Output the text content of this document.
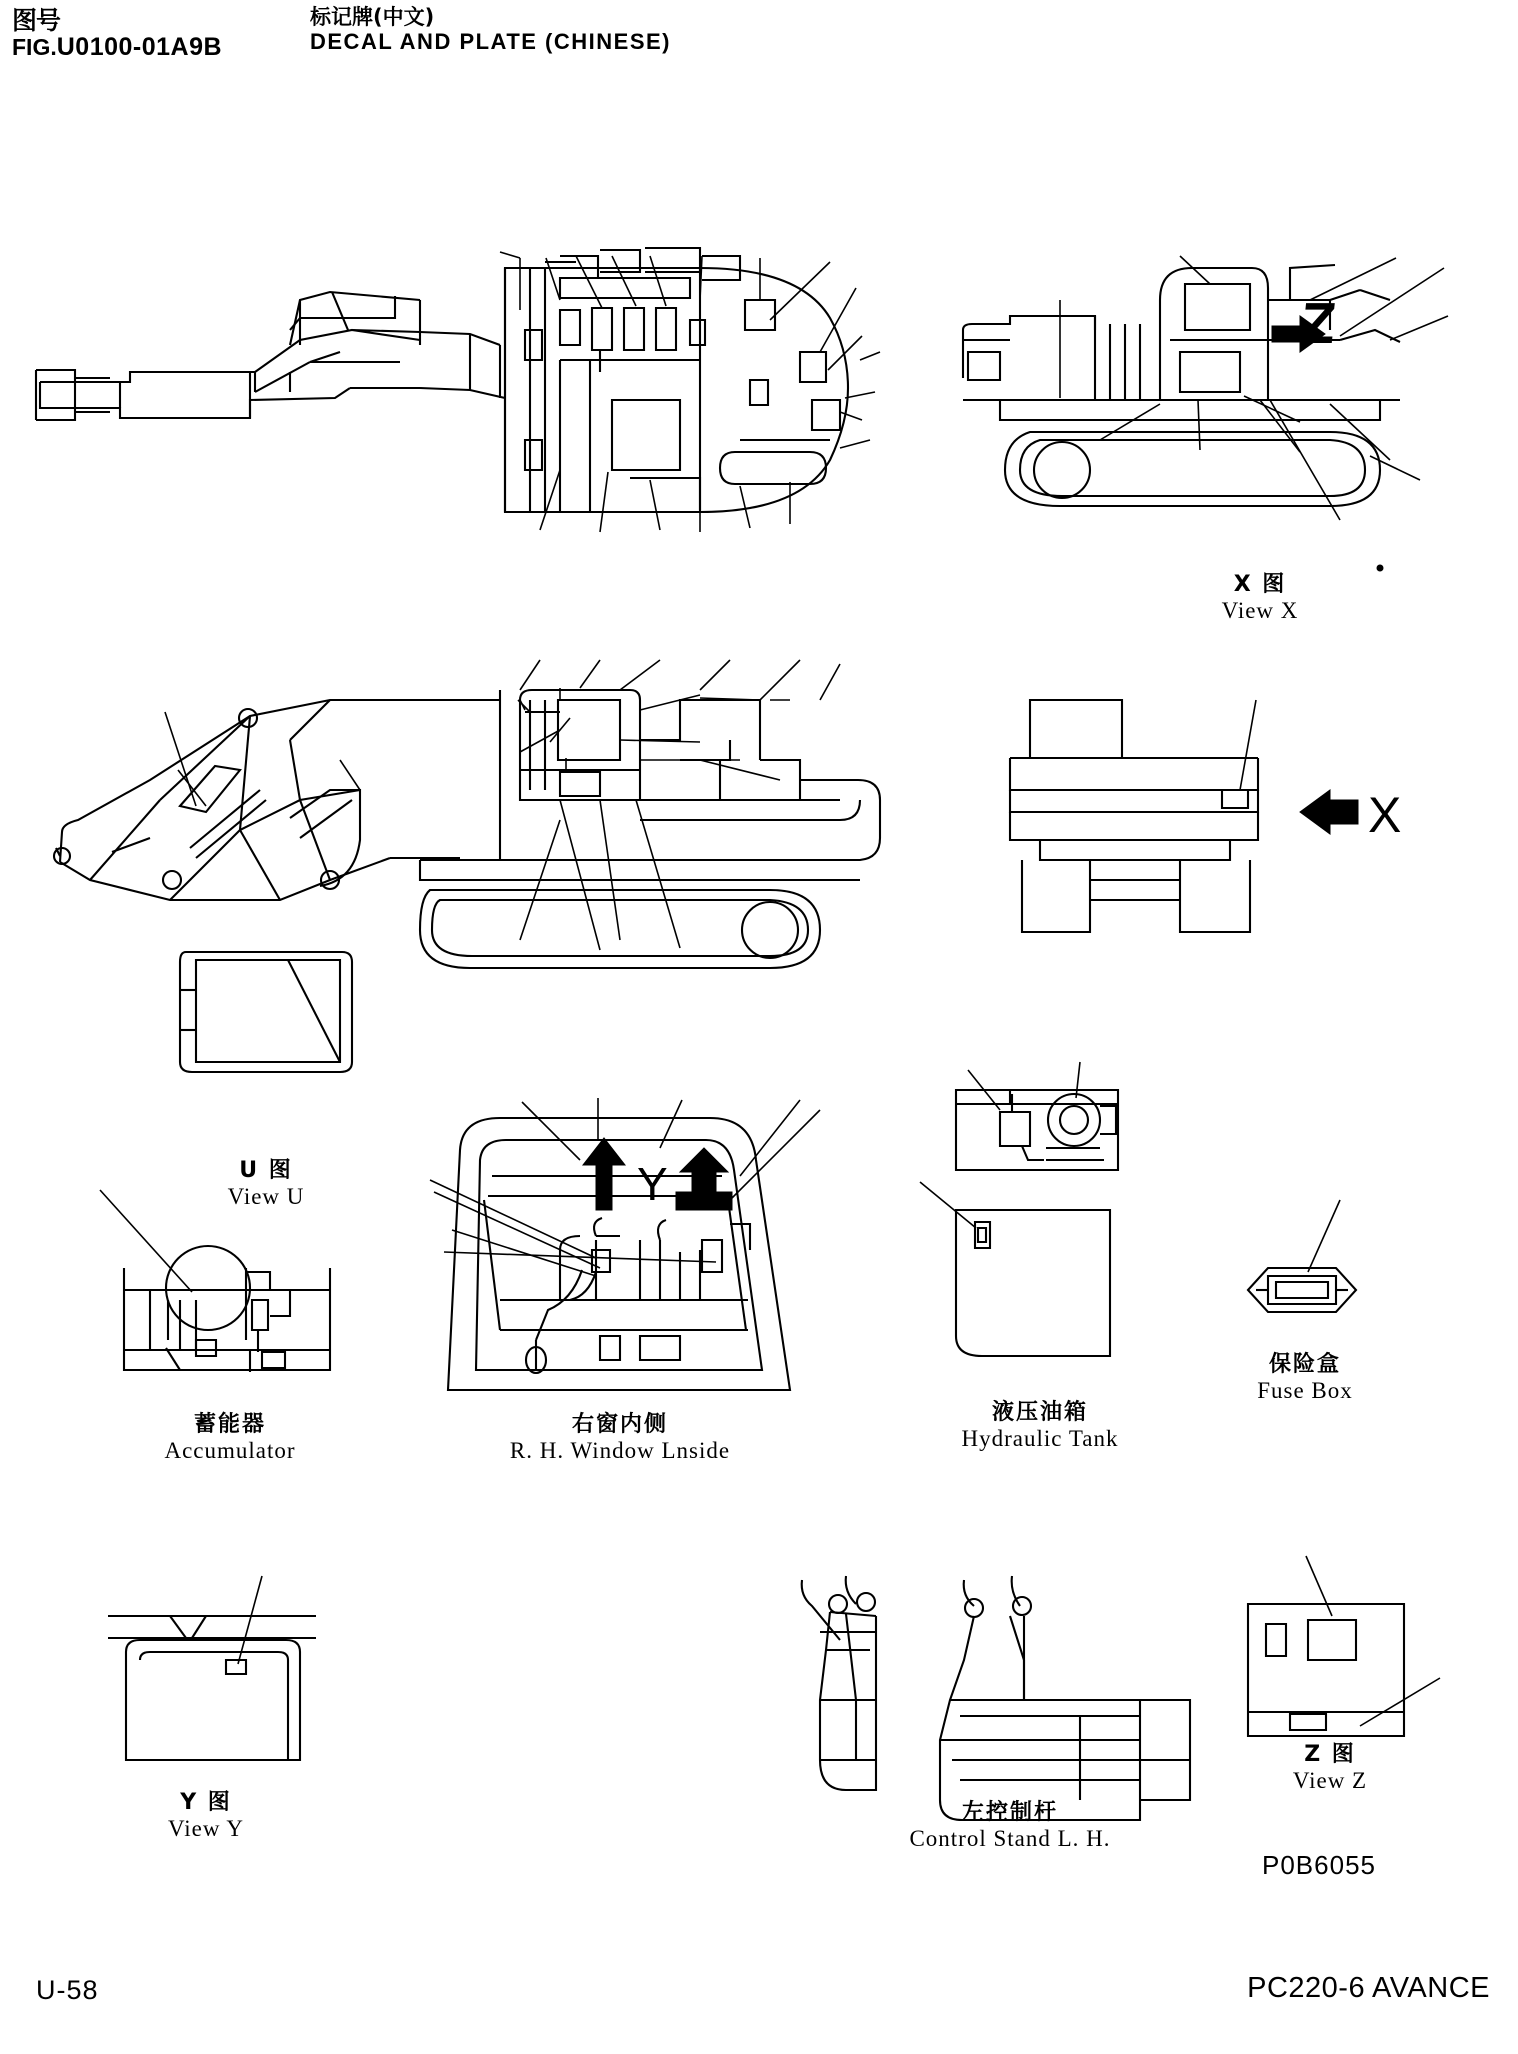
图号
FIG. U0100-01A9B
标记牌(中文)
DECAL AND PLATE (CHINESE)
Z
X
Y
X 图
View X
U 图
View U
蓄能器
Accumulator
右窗内侧
R. H. Window Lnside
液压油箱
Hydraulic Tank
保险盒
Fuse Box
Y 图
View Y
左控制杆
Control Stand L. H.
Z 图
View Z
P0B6055
U-58	PC220-6 AVANCE
